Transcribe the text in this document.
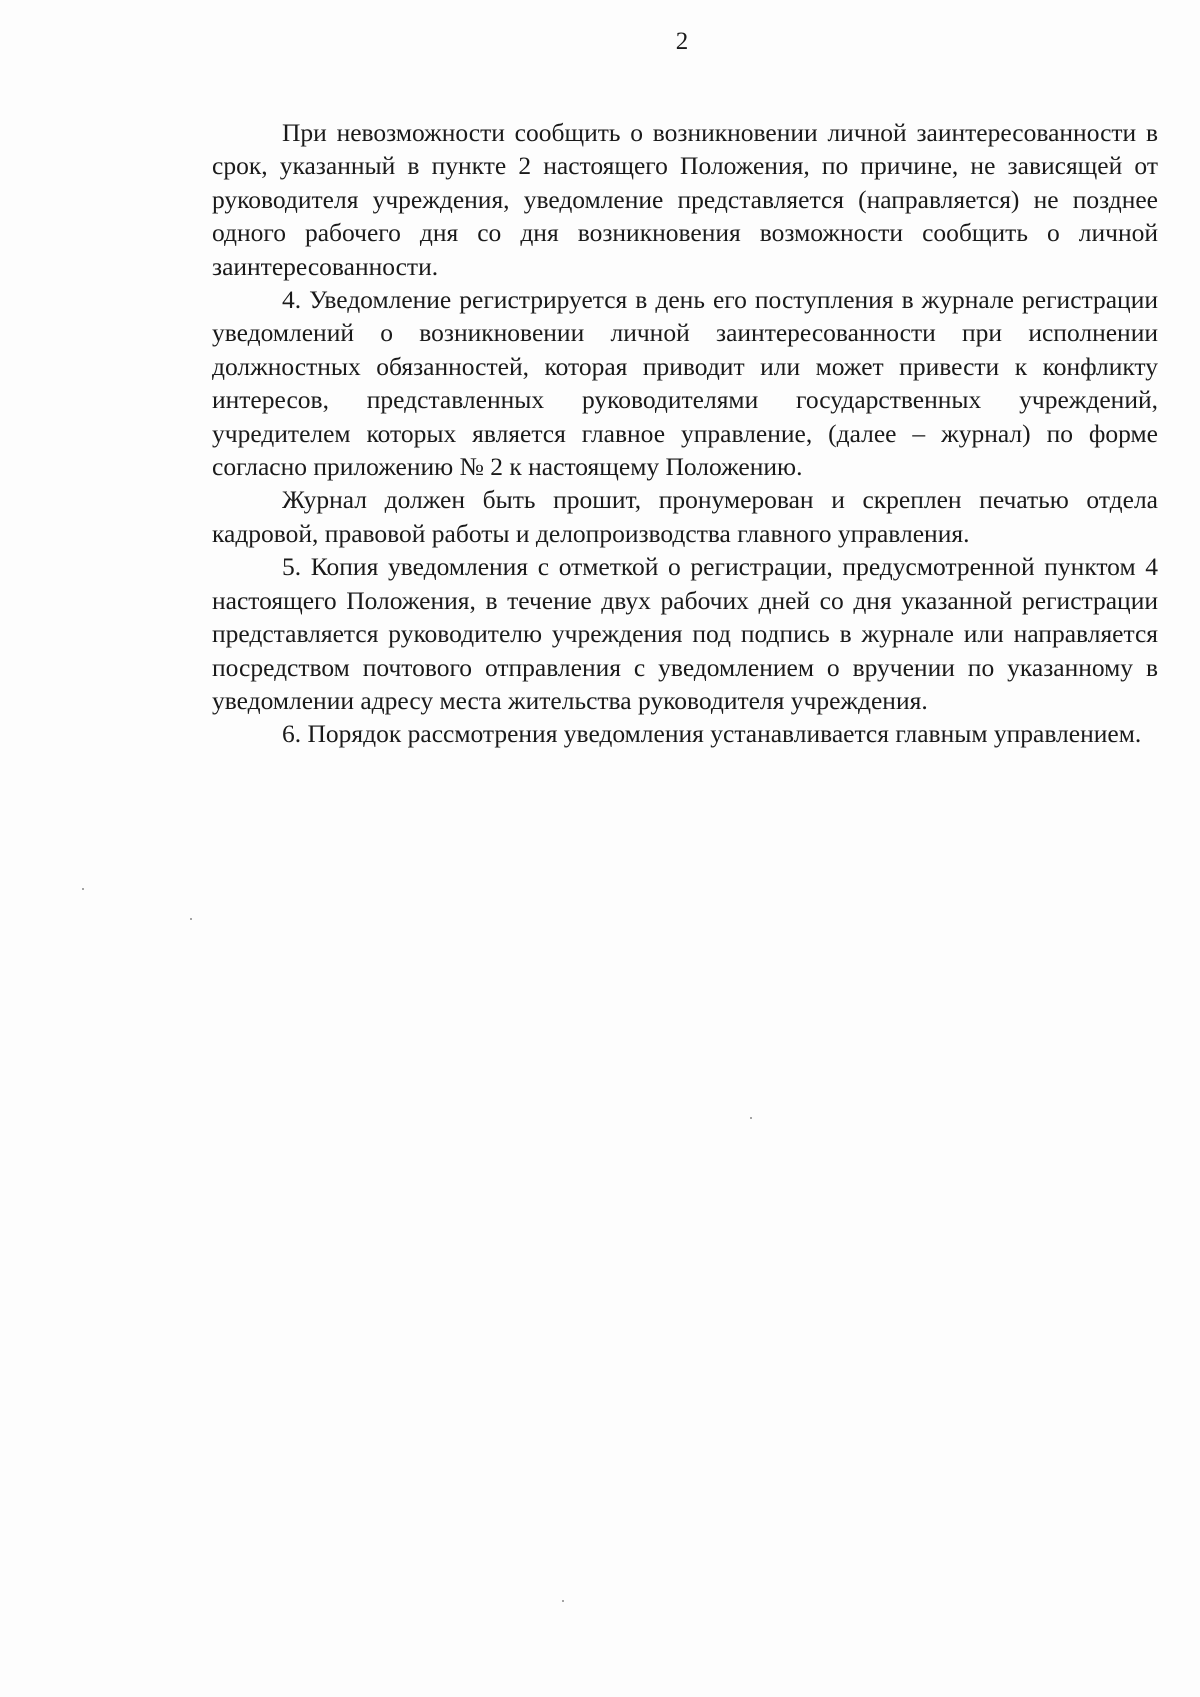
2

При невозможности сообщить о возникновении личной заинтересованности в срок, указанный в пункте 2 настоящего Положения, по причине, не зависящей от руководителя учреждения, уведомление представляется (направляется) не позднее одного рабочего дня со дня возникновения возможности сообщить о личной заинтересованности.

4. Уведомление регистрируется в день его поступления в журнале регистрации уведомлений о возникновении личной заинтересованности при исполнении должностных обязанностей, которая приводит или может привести к конфликту интересов, представленных руководителями государственных учреждений, учредителем которых является главное управление, (далее – журнал) по форме согласно приложению № 2 к настоящему Положению.

Журнал должен быть прошит, пронумерован и скреплен печатью отдела кадровой, правовой работы и делопроизводства главного управления.

5. Копия уведомления с отметкой о регистрации, предусмотренной пунктом 4 настоящего Положения, в течение двух рабочих дней со дня указанной регистрации представляется руководителю учреждения под подпись в журнале или направляется посредством почтового отправления с уведомлением о вручении по указанному в уведомлении адресу места жительства руководителя учреждения.

6. Порядок рассмотрения уведомления устанавливается главным управлением.
